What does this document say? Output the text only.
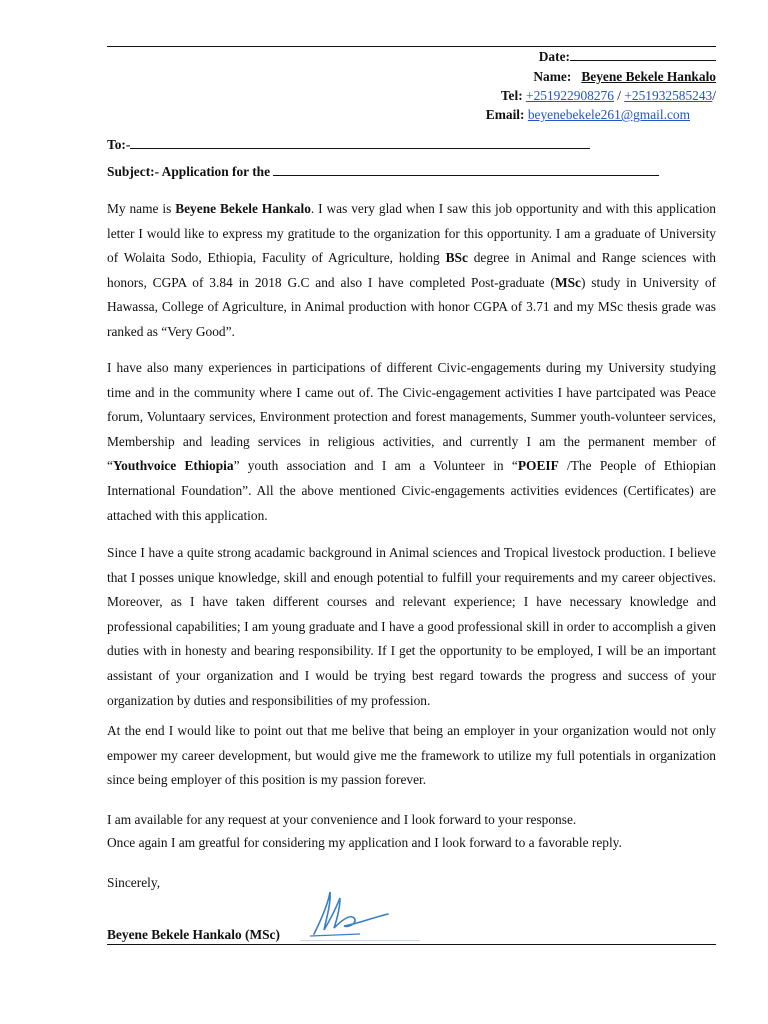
Date:
Name: Beyene Bekele Hankalo
Tel: +251922908276 / +251932585243/
Email: beyenebekele261@gmail.com
To:-
Subject:- Application for the

My name is Beyene Bekele Hankalo. I was very glad when I saw this job opportunity and with this application letter I would like to express my gratitude to the organization for this opportunity. I am a graduate of University of Wolaita Sodo, Ethiopia, Faculity of Agriculture, holding BSc degree in Animal and Range sciences with honors, CGPA of 3.84 in 2018 G.C and also I have completed Post-graduate (MSc) study in University of Hawassa, College of Agriculture, in Animal production with honor CGPA of 3.71 and my MSc thesis grade was ranked as “Very Good”.

I have also many experiences in participations of different Civic-engagements during my University studying time and in the community where I came out of. The Civic-engagement activities I have partcipated was Peace forum, Voluntaary services, Environment protection and forest managements, Summer youth-volunteer services, Membership and leading services in religious activities, and currently I am the permanent member of “Youthvoice Ethiopia” youth association and I am a Volunteer in “POEIF /The People of Ethiopian International Foundation”. All the above mentioned Civic-engagements activities evidences (Certificates) are attached with this application.

Since I have a quite strong acadamic background in Animal sciences and Tropical livestock production. I believe that I posses unique knowledge, skill and enough potential to fulfill your requirements and my career objectives. Moreover, as I have taken different courses and relevant experience; I have necessary knowledge and professional capabilities; I am young graduate and I have a good professional skill in order to accomplish a given duties with in honesty and bearing responsibility. If I get the opportunity to be employed, I will be an important assistant of your organization and I would be trying best regard towards the progress and success of your organization by duties and responsibilities of my profession.

At the end I would like to point out that me belive that being an employer in your organization would not only empower my career development, but would give me the framework to utilize my full potentials in organization since being employer of this position is my passion forever.

I am available for any request at your convenience and I look forward to your response.
Once again I am greatful for considering my application and I look forward to a favorable reply.
Sincerely,
Beyene Bekele Hankalo (MSc)
